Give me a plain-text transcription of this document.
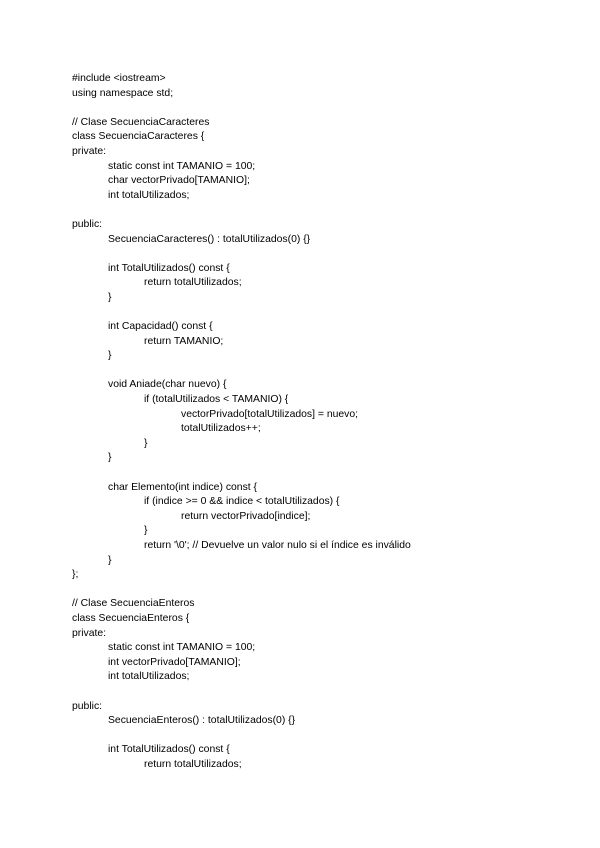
#include <iostream>
using namespace std;
// Clase SecuenciaCaracteres
class SecuenciaCaracteres {
private:
static const int TAMANIO = 100;
char vectorPrivado[TAMANIO];
int totalUtilizados;
public:
SecuenciaCaracteres() : totalUtilizados(0) {}
int TotalUtilizados() const {
return totalUtilizados;
}
int Capacidad() const {
return TAMANIO;
}
void Aniade(char nuevo) {
if (totalUtilizados < TAMANIO) {
vectorPrivado[totalUtilizados] = nuevo;
totalUtilizados++;
}
}
char Elemento(int indice) const {
if (indice >= 0 && indice < totalUtilizados) {
return vectorPrivado[indice];
}
return '\0'; // Devuelve un valor nulo si el índice es inválido
}
};
// Clase SecuenciaEnteros
class SecuenciaEnteros {
private:
static const int TAMANIO = 100;
int vectorPrivado[TAMANIO];
int totalUtilizados;
public:
SecuenciaEnteros() : totalUtilizados(0) {}
int TotalUtilizados() const {
return totalUtilizados;
